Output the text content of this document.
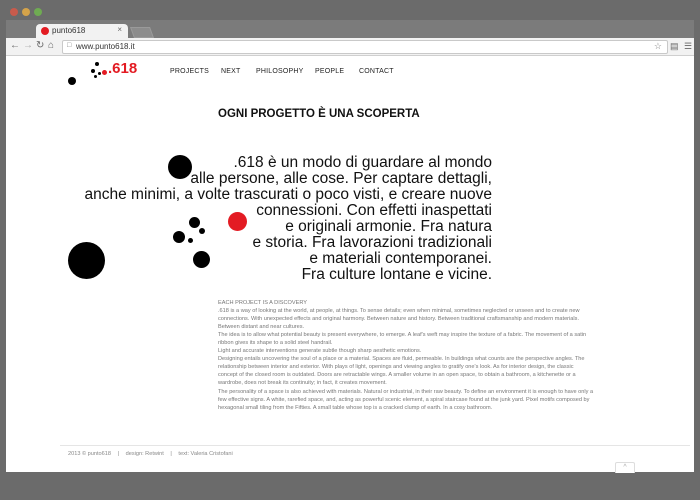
punto618	×
← → ↻ ⌂ □ www.punto618.it	☆ ▤ ☰
.618	PROJECTS NEXT PHILOSOPHY PEOPLE CONTACT
OGNI PROGETTO È UNA SCOPERTA
.618 è un modo di guardare al mondo
alle persone, alle cose. Per captare dettagli,
anche minimi, a volte trascurati o poco visti, e creare nuove
connessioni. Con effetti inaspettati
e originali armonie. Fra natura
e storia. Fra lavorazioni tradizionali
e materiali contemporanei.
Fra culture lontane e vicine.
EACH PROJECT IS A DISCOVERY
.618 is a way of looking at the world, at people, at things. To sense details; even when minimal, sometimes neglected or unseen and to create new
connections. With unexpected effects and original harmony. Between nature and history. Between traditional craftsmanship and modern materials.
Between distant and near cultures.
The idea is to allow what potential beauty is present everywhere, to emerge. A leaf's weft may inspire the texture of a fabric. The movement of a satin
ribbon gives its shape to a solid steel handrail.
Light and accurate interventions generate subtle though sharp aesthetic emotions.
Designing entails uncovering the soul of a place or a material. Spaces are fluid, permeable. In buildings what counts are the perspective angles. The
relationship between interior and exterior. With plays of light, openings and viewing angles to gratify one's look. As for interior design, the classic
concept of the closed room is outdated. Doors are retractable wings. A smaller volume in an open space, to obtain a bathroom, a kitchenette or a
wardrobe, does not break its continuity; in fact, it creates movement.
The personality of a space is also achieved with materials. Natural or industrial, in their raw beauty. To define an environment it is enough to have only a
few effective signs. A white, rarefied space, and, acting as powerful scenic element, a spiral staircase found at the junk yard. Pixel motifs composed by
hexagonal small tiling from the Fifties. A small table whose top is a cracked clump of earth. In a cosy bathroom.
2013 © punto618 | design: Retwint | text: Valeria Cristofani
^
